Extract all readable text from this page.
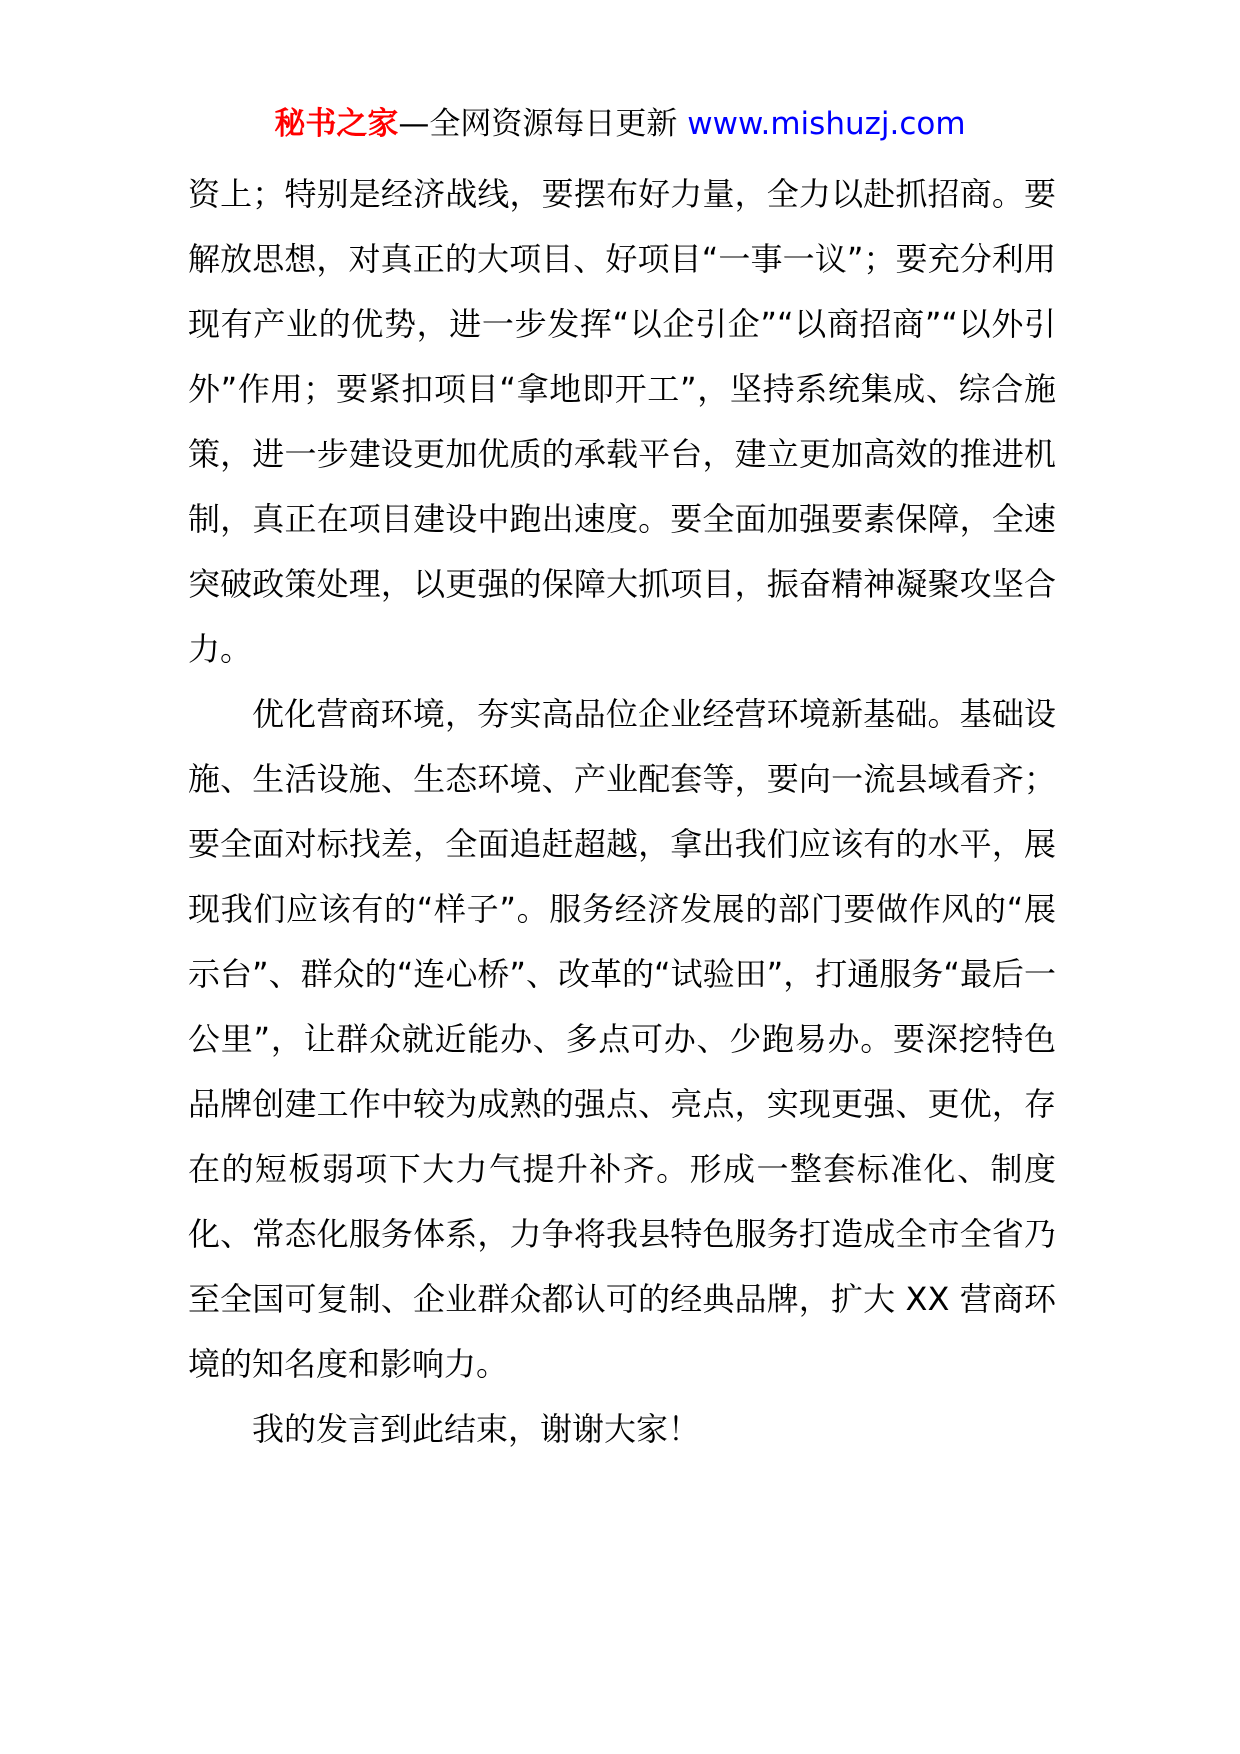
秘书之家—全网资源每日更新 www.mishuzj.com

资上；特别是经济战线，要摆布好力量，全力以赴抓招商。要解放思想，对真正的大项目、好项目“一事一议”；要充分利用现有产业的优势，进一步发挥“以企引企”“以商招商”“以外引外”作用；要紧扣项目“拿地即开工”，坚持系统集成、综合施策，进一步建设更加优质的承载平台，建立更加高效的推进机制，真正在项目建设中跑出速度。要全面加强要素保障，全速突破政策处理，以更强的保障大抓项目，振奋精神凝聚攻坚合力。

优化营商环境，夯实高品位企业经营环境新基础。基础设施、生活设施、生态环境、产业配套等，要向一流县域看齐；要全面对标找差，全面追赶超越，拿出我们应该有的水平，展现我们应该有的“样子”。服务经济发展的部门要做作风的“展示台”、群众的“连心桥”、改革的“试验田”，打通服务“最后一公里”，让群众就近能办、多点可办、少跑易办。要深挖特色品牌创建工作中较为成熟的强点、亮点，实现更强、更优，存在的短板弱项下大力气提升补齐。形成一整套标准化、制度化、常态化服务体系，力争将我县特色服务打造成全市全省乃至全国可复制、企业群众都认可的经典品牌，扩大 XX 营商环境的知名度和影响力。

我的发言到此结束，谢谢大家！
